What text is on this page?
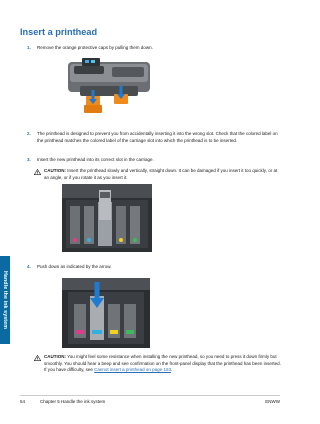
Handle the ink system
Insert a printhead
1. Remove the orange protective caps by pulling them down.
2. The printhead is designed to prevent you from accidentally inserting it into the wrong slot. Check that the colored label on the printhead matches the colored label of the carriage slot into which the printhead is to be inserted.
3. Insert the new printhead into its correct slot in the carriage.
CAUTION: Insert the printhead slowly and vertically, straight down. It can be damaged if you insert it too quickly, or at an angle, or if you rotate it as you insert it.
4. Push down as indicated by the arrow.
CAUTION: You might feel some resistance when installing the new printhead, so you need to press it down firmly but smoothly. You should hear a beep and see confirmation on the front-panel display that the printhead has been inserted. If you have difficulty, see Cannot insert a printhead on page 163.
54	Chapter 5 Handle the ink system	ENWW
